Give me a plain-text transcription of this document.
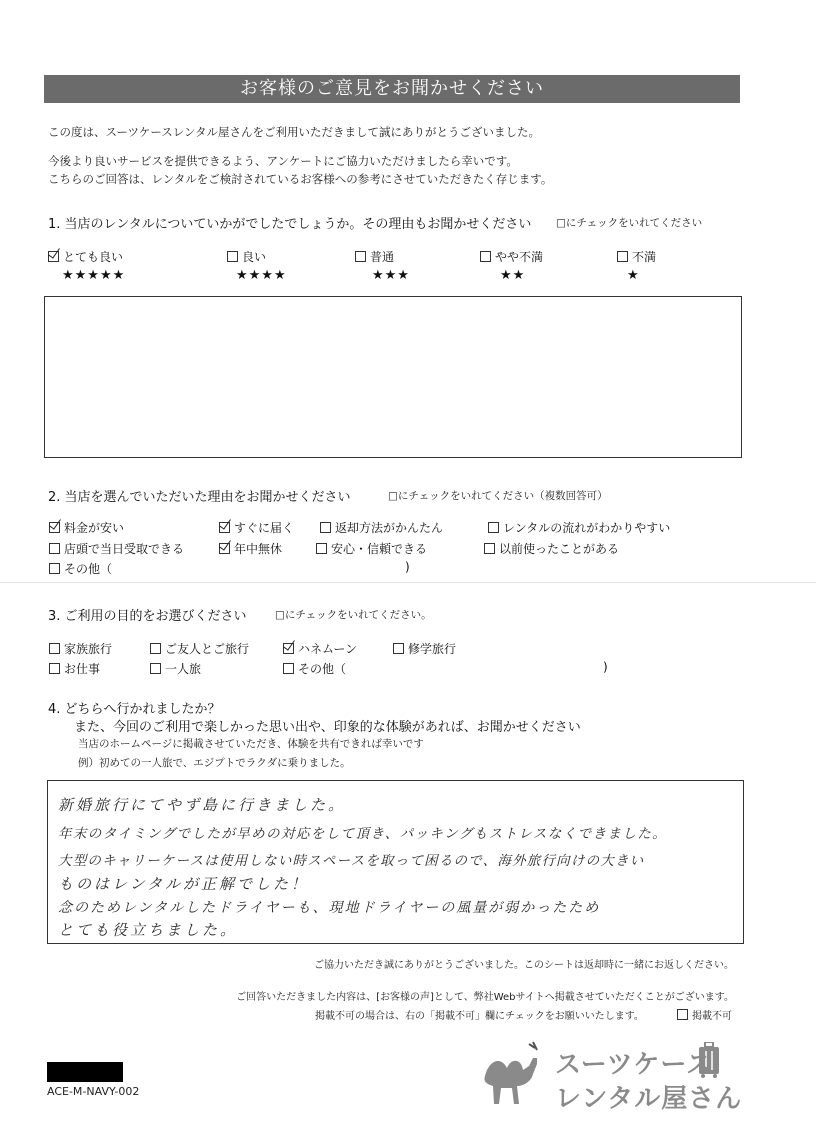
お客様のご意見をお聞かせください
この度は、スーツケースレンタル屋さんをご利用いただきまして誠にありがとうございました。
今後より良いサービスを提供できるよう、アンケートにご協力いただけましたら幸いです。
こちらのご回答は、レンタルをご検討されているお客様への参考にさせていただきたく存じます。
1. 当店のレンタルについていかがでしたでしょうか。その理由もお聞かせください □にチェックをいれてください
とても良い	良い	普通	やや不満	不満
★★★★★	★★★★	★★★	★★	★
2. 当店を選んでいただいた理由をお聞かせください	□にチェックをいれてください（複数回答可）
料金が安い	すぐに届く	返却方法がかんたん	レンタルの流れがわかりやすい
店頭で当日受取できる	年中無休	安心・信頼できる	以前使ったことがある
その他（	)
3. ご利用の目的をお選びください	□にチェックをいれてください。
家族旅行	ご友人とご旅行	ハネムーン	修学旅行
お仕事	一人旅	その他（	)
4. どちらへ行かれましたか？
また、今回のご利用で楽しかった思い出や、印象的な体験があれば、お聞かせください
当店のホームページに掲載させていただき、体験を共有できれば幸いです
例）初めての一人旅で、エジプトでラクダに乗りました。
新婚旅行にてやず島に行きました。
年末のタイミングでしたが早めの対応をして頂き、パッキングもストレスなくできました。
大型のキャリーケースは使用しない時スペースを取って困るので、海外旅行向けの大きい
ものはレンタルが正解でした！
念のためレンタルしたドライヤーも、現地ドライヤーの風量が弱かったため
とても役立ちました。
ご協力いただき誠にありがとうございました。このシートは返却時に一緒にお返しください。
ご回答いただきました内容は、[お客様の声]として、弊社Webサイトへ掲載させていただくことがございます。
掲載不可の場合は、右の「掲載不可」欄にチェックをお願いいたします。	掲載不可
ACE-M-NAVY-002
スーツケース
レンタル屋さん
